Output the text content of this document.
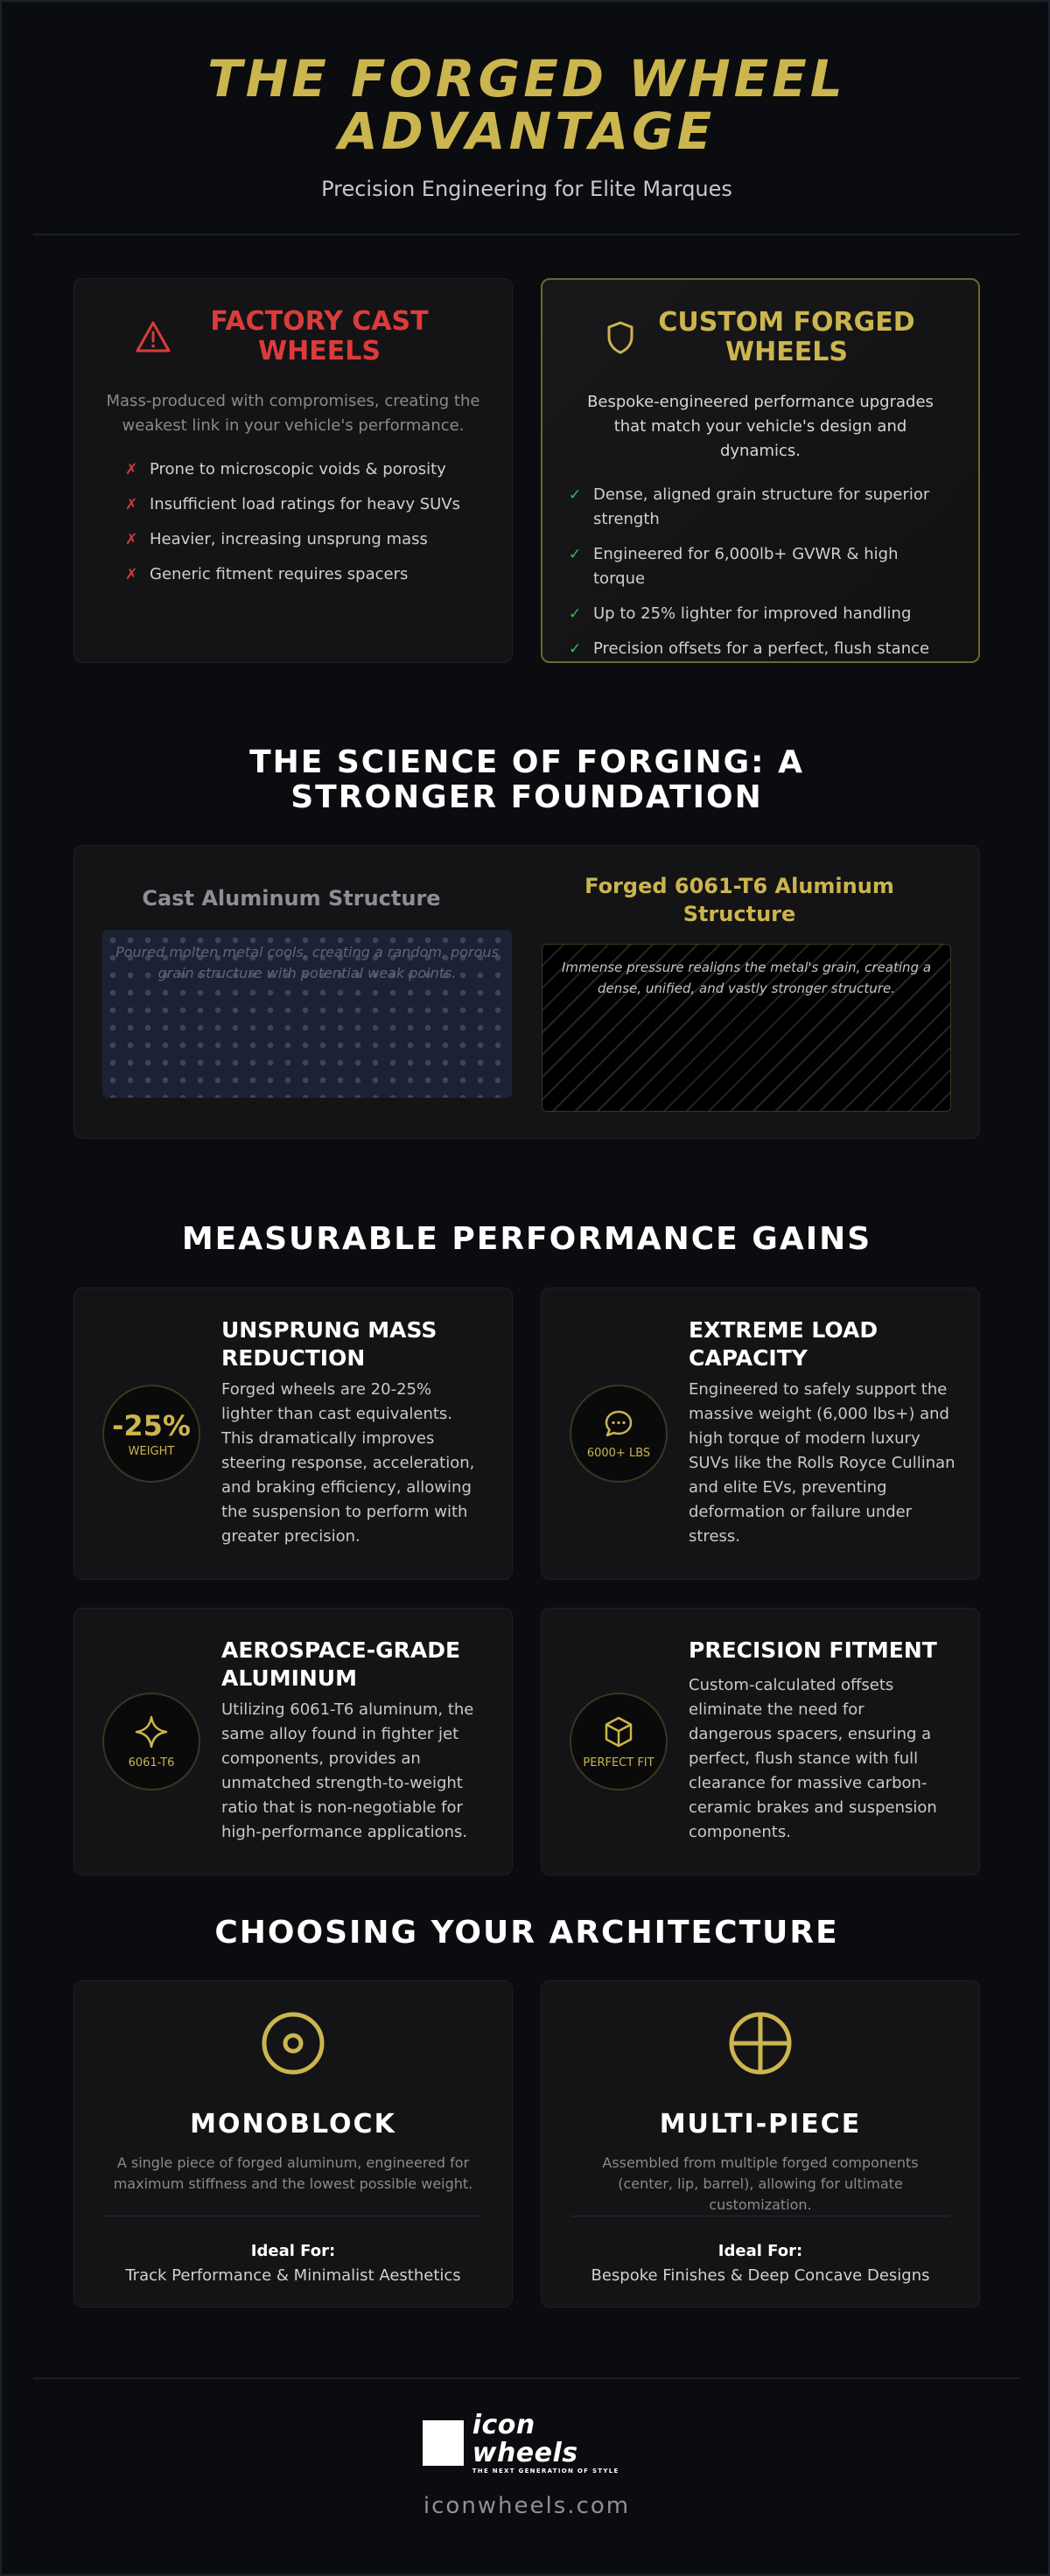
THE FORGED WHEEL ADVANTAGE
Precision Engineering for Elite Marques
FACTORY CAST WHEELS
Mass-produced with compromises, creating the weakest link in your vehicle's performance.
✗ Prone to microscopic voids & porosity
✗ Insufficient load ratings for heavy SUVs
✗ Heavier, increasing unsprung mass
✗ Generic fitment requires spacers
CUSTOM FORGED WHEELS
Bespoke-engineered performance upgrades that match your vehicle's design and dynamics.
✓ Dense, aligned grain structure for superior strength
✓ Engineered for 6,000lb+ GVWR & high torque
✓ Up to 25% lighter for improved handling
✓ Precision offsets for a perfect, flush stance
THE SCIENCE OF FORGING: A STRONGER FOUNDATION
Cast Aluminum Structure
Poured molten metal cools, creating a random, porous grain structure with potential weak points.
Forged 6061-T6 Aluminum Structure
Immense pressure realigns the metal's grain, creating a dense, unified, and vastly stronger structure.
MEASURABLE PERFORMANCE GAINS
-25%
WEIGHT
UNSPRUNG MASS REDUCTION
Forged wheels are 20-25% lighter than cast equivalents. This dramatically improves steering response, acceleration, and braking efficiency, allowing the suspension to perform with greater precision.
6000+ LBS
EXTREME LOAD CAPACITY
Engineered to safely support the massive weight (6,000 lbs+) and high torque of modern luxury SUVs like the Rolls Royce Cullinan and elite EVs, preventing deformation or failure under stress.
6061-T6
AEROSPACE-GRADE ALUMINUM
Utilizing 6061-T6 aluminum, the same alloy found in fighter jet components, provides an unmatched strength-to-weight ratio that is non-negotiable for high-performance applications.
PERFECT FIT
PRECISION FITMENT
Custom-calculated offsets eliminate the need for dangerous spacers, ensuring a perfect, flush stance with full clearance for massive carbon-ceramic brakes and suspension components.
CHOOSING YOUR ARCHITECTURE
MONOBLOCK
A single piece of forged aluminum, engineered for maximum stiffness and the lowest possible weight.
Ideal For:
Track Performance & Minimalist Aesthetics
MULTI-PIECE
Assembled from multiple forged components (center, lip, barrel), allowing for ultimate customization.
Ideal For:
Bespoke Finishes & Deep Concave Designs
icon wheels
THE NEXT GENERATION OF STYLE
iconwheels.com
